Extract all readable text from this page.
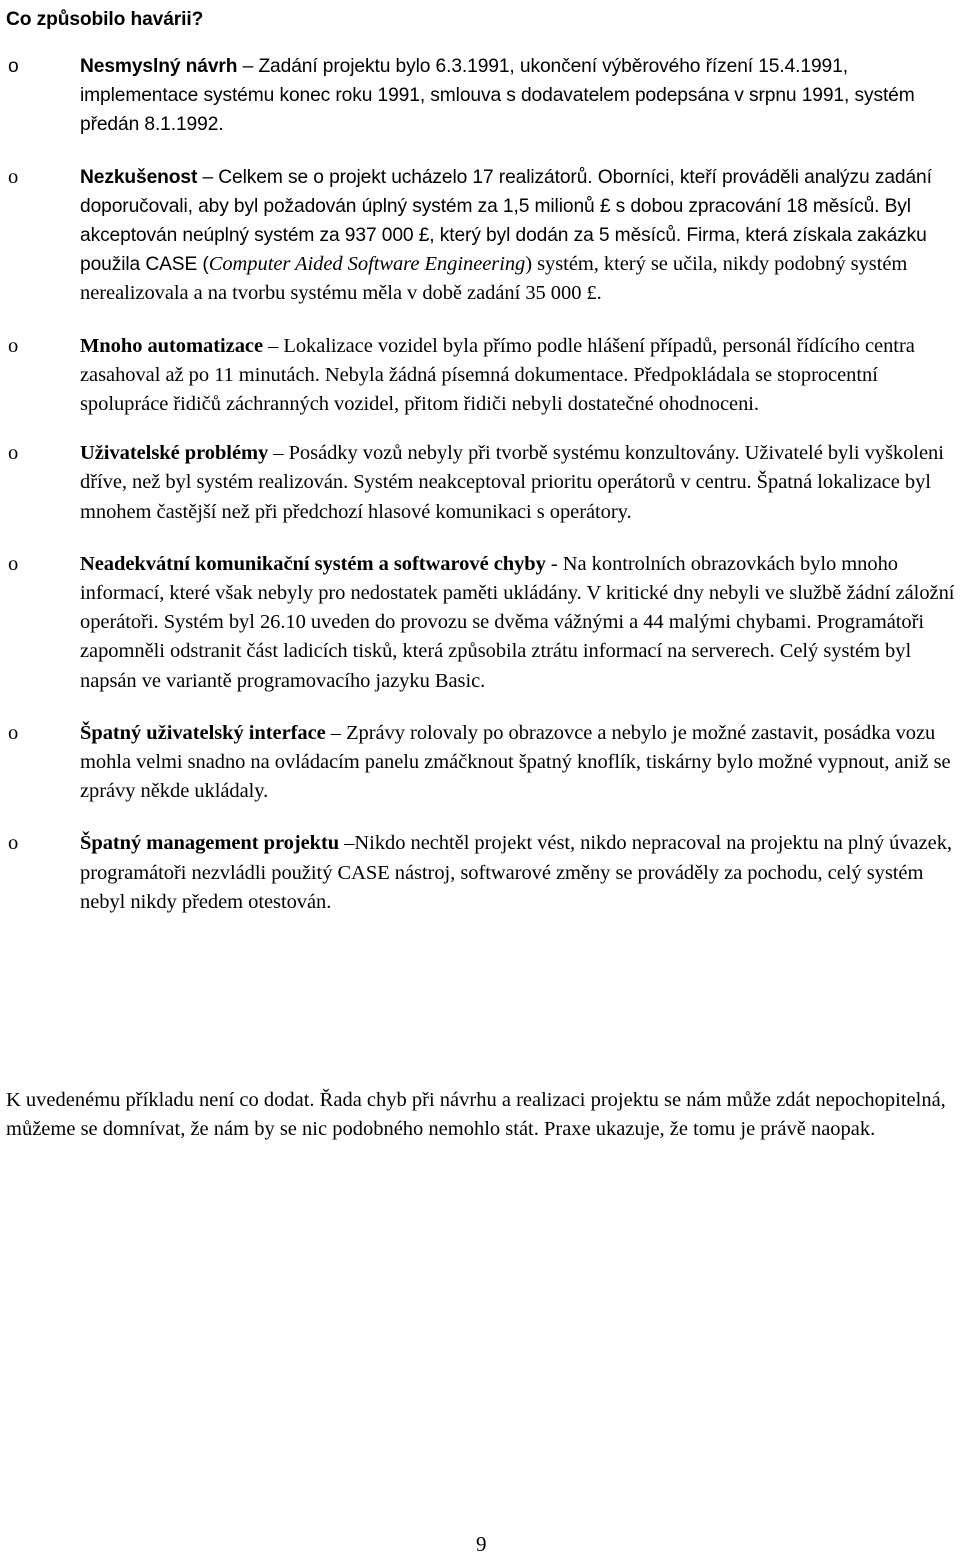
Co způsobilo havárii?
o	Nesmyslný návrh – Zadání projektu bylo 6.3.1991, ukončení výběrového řízení 15.4.1991, implementace systému konec roku 1991, smlouva s dodavatelem podepsána v srpnu 1991, systém předán 8.1.1992.
o	Nezkušenost – Celkem se o projekt ucházelo 17 realizátorů. Oborníci, kteří prováděli analýzu zadání doporučovali, aby byl požadován úplný systém za 1,5 milionů £ s dobou zpracování 18 měsíců. Byl akceptován neúplný systém za 937 000 £, který byl dodán za 5 měsíců. Firma, která získala zakázku použila CASE (Computer Aided Software Engineering) systém, který se učila, nikdy podobný systém nerealizovala a na tvorbu systému měla v době zadání 35 000 £.
o	Mnoho automatizace – Lokalizace vozidel byla přímo podle hlášení případů, personál řídícího centra zasahoval až po 11 minutách. Nebyla žádná písemná dokumentace. Předpokládala se stoprocentní spolupráce řidičů záchranných vozidel, přitom řidiči nebyli dostatečné ohodnoceni.
o	Uživatelské problémy – Posádky vozů nebyly při tvorbě systému konzultovány. Uživatelé byli vyškoleni dříve, než byl systém realizován. Systém neakceptoval prioritu operátorů v centru. Špatná lokalizace byl mnohem častější než při předchozí hlasové komunikaci s operátory.
o	Neadekvátní komunikační systém a softwarové chyby - Na kontrolních obrazovkách bylo mnoho informací, které však nebyly pro nedostatek paměti ukládány. V kritické dny nebyli ve službě žádní záložní operátoři. Systém byl 26.10 uveden do provozu se dvěma vážnými a 44 malými chybami. Programátoři zapomněli odstranit část ladicích tisků, která způsobila ztrátu informací na serverech. Celý systém byl napsán ve variantě programovacího jazyku Basic.
o	Špatný uživatelský interface – Zprávy rolovaly po obrazovce a nebylo je možné zastavit, posádka vozu mohla velmi snadno na ovládacím panelu zmáčknout špatný knoflík, tiskárny bylo možné vypnout, aniž se zprávy někde ukládaly.
o	Špatný management projektu –Nikdo nechtěl projekt vést, nikdo nepracoval na projektu na plný úvazek, programátoři nezvládli použitý CASE nástroj, softwarové změny se prováděly za pochodu, celý systém nebyl nikdy předem otestován.

K uvedenému příkladu není co dodat. Řada chyb při návrhu a realizaci projektu se nám může zdát nepochopitelná, můžeme se domnívat, že nám by se nic podobného nemohlo stát. Praxe ukazuje, že tomu je právě naopak.

9
